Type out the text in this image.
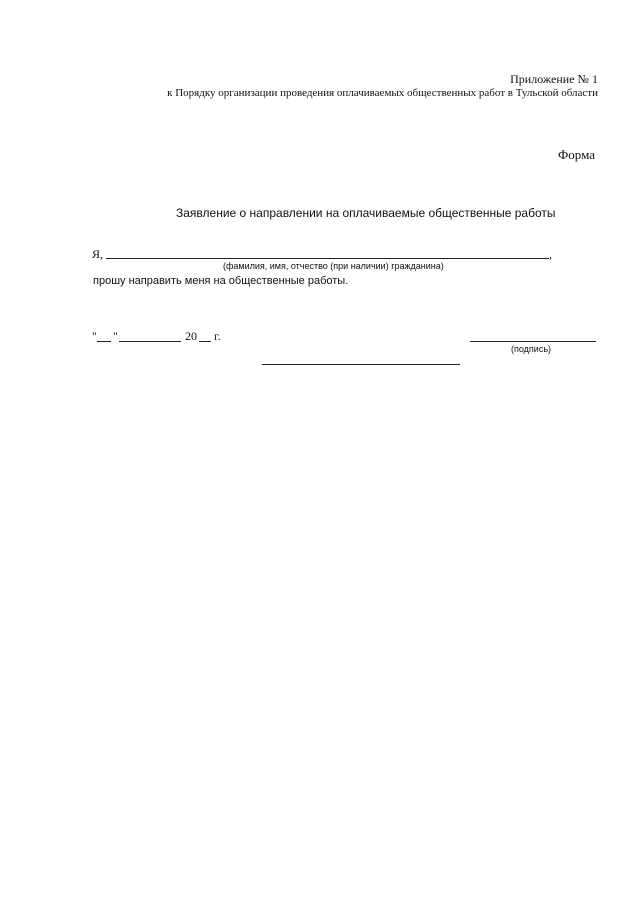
Приложение № 1
к Порядку организации проведения оплачиваемых общественных работ в Тульской области
Форма
Заявление о направлении на оплачиваемые общественные работы
Я,	,
(фамилия, имя, отчество (при наличии) гражданина)
прошу направить меня на общественные работы.
" "	20 г.
(подпись)
